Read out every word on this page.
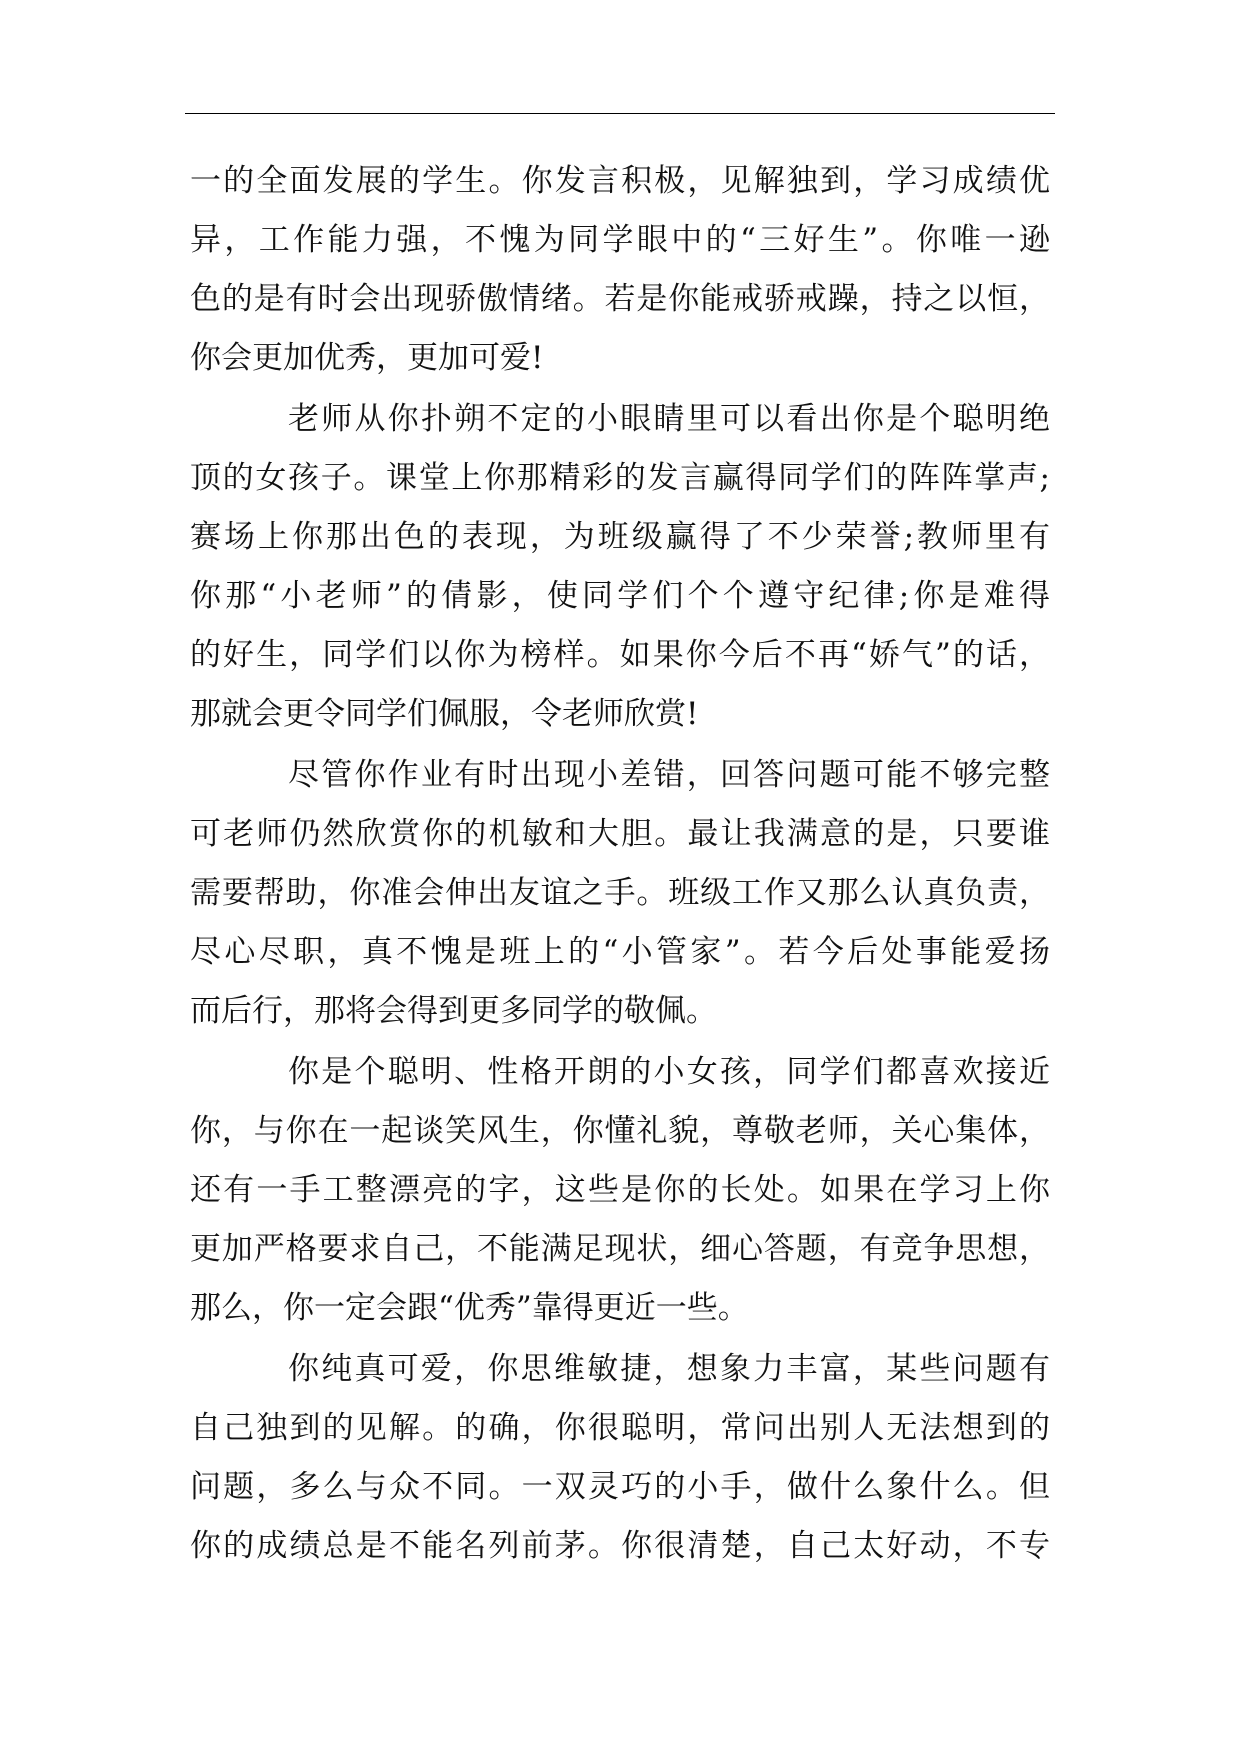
一的全面发展的学生。你发言积极，见解独到，学习成绩优
异，工作能力强，不愧为同学眼中的“三好生”。你唯一逊
色的是有时会出现骄傲情绪。若是你能戒骄戒躁，持之以恒，
你会更加优秀，更加可爱!
老师从你扑朔不定的小眼睛里可以看出你是个聪明绝
顶的女孩子。课堂上你那精彩的发言赢得同学们的阵阵掌声;
赛场上你那出色的表现，为班级赢得了不少荣誉;教师里有
你那“小老师”的倩影，使同学们个个遵守纪律;你是难得
的好生，同学们以你为榜样。如果你今后不再“娇气”的话，
那就会更令同学们佩服，令老师欣赏!
尽管你作业有时出现小差错，回答问题可能不够完整
可老师仍然欣赏你的机敏和大胆。最让我满意的是，只要谁
需要帮助，你准会伸出友谊之手。班级工作又那么认真负责，
尽心尽职，真不愧是班上的“小管家”。若今后处事能爱扬
而后行，那将会得到更多同学的敬佩。
你是个聪明、性格开朗的小女孩，同学们都喜欢接近
你，与你在一起谈笑风生，你懂礼貌，尊敬老师，关心集体，
还有一手工整漂亮的字，这些是你的长处。如果在学习上你
更加严格要求自己，不能满足现状，细心答题，有竞争思想，
那么，你一定会跟“优秀”靠得更近一些。
你纯真可爱，你思维敏捷，想象力丰富，某些问题有
自己独到的见解。的确，你很聪明，常问出别人无法想到的
问题，多么与众不同。一双灵巧的小手，做什么象什么。但
你的成绩总是不能名列前茅。你很清楚，自己太好动，不专
